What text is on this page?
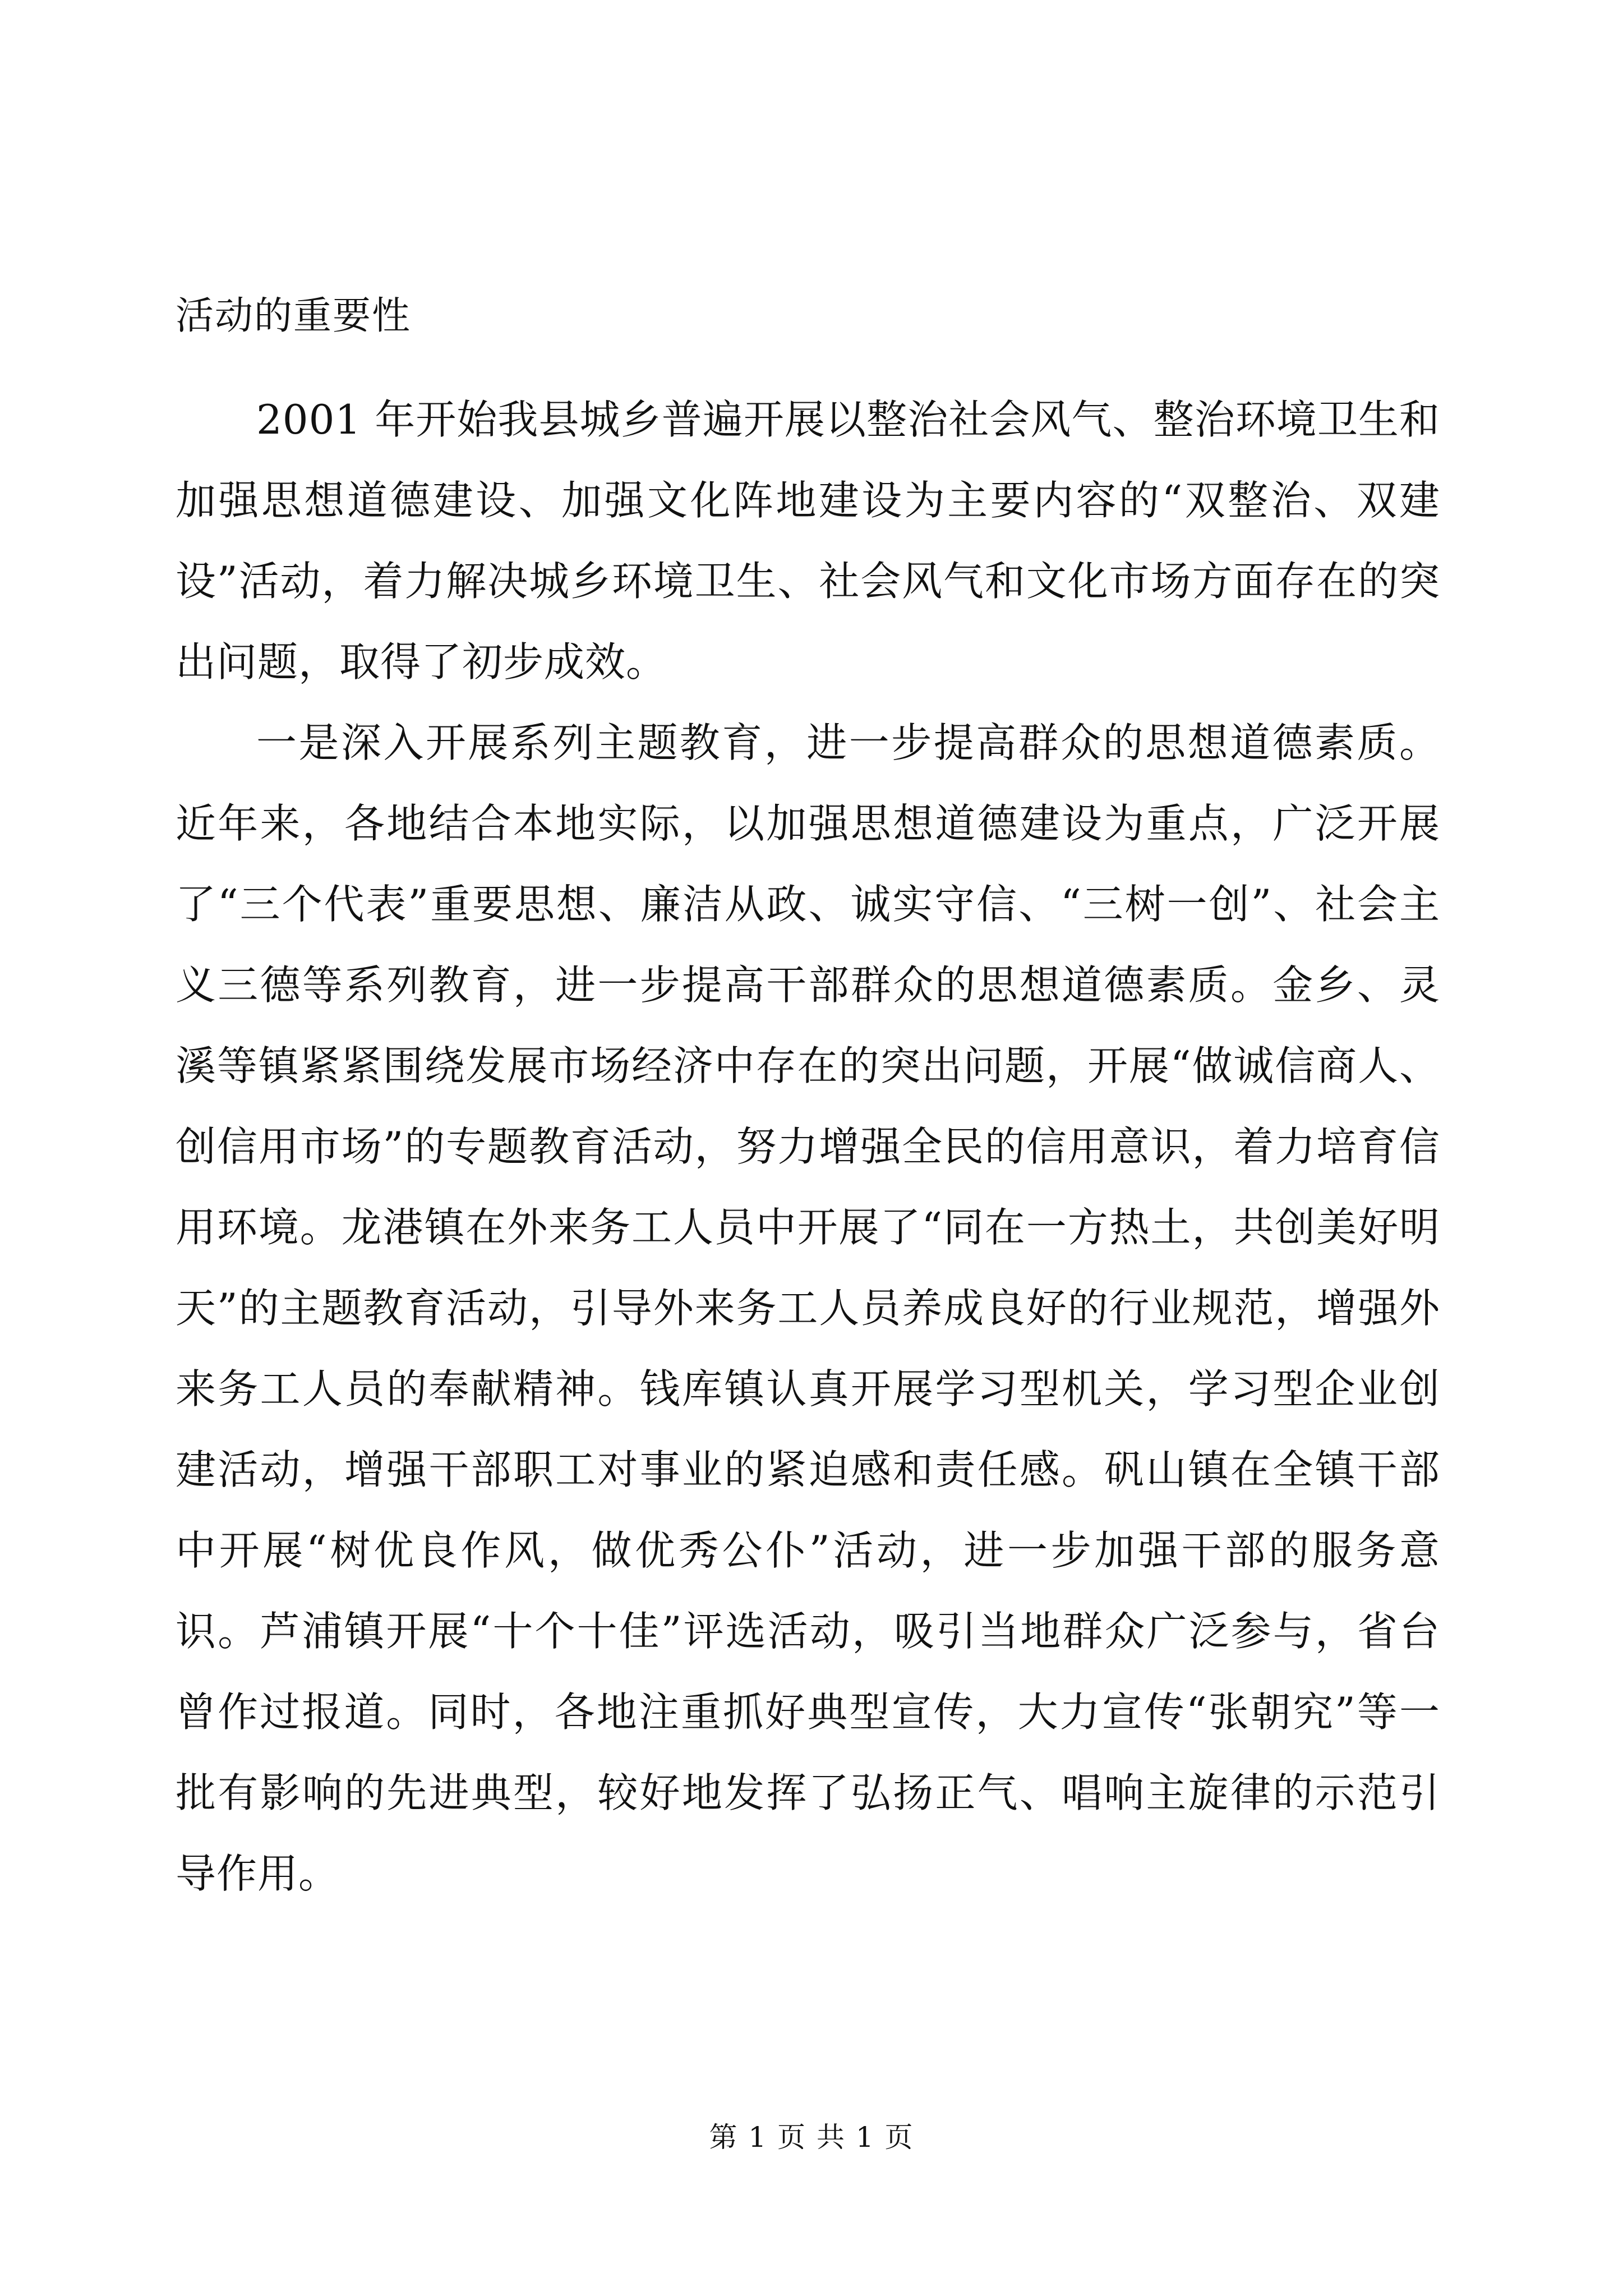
活动的重要性

2001 年开始我县城乡普遍开展以整治社会风气、整治环境卫生和加强思想道德建设、加强文化阵地建设为主要内容的“双整治、双建设”活动，着力解决城乡环境卫生、社会风气和文化市场方面存在的突出问题，取得了初步成效。

一是深入开展系列主题教育，进一步提高群众的思想道德素质。近年来，各地结合本地实际，以加强思想道德建设为重点，广泛开展了“三个代表”重要思想、廉洁从政、诚实守信、“三树一创”、社会主义三德等系列教育，进一步提高干部群众的思想道德素质。金乡、灵溪等镇紧紧围绕发展市场经济中存在的突出问题，开展“做诚信商人、创信用市场”的专题教育活动，努力增强全民的信用意识，着力培育信用环境。龙港镇在外来务工人员中开展了“同在一方热土，共创美好明天”的主题教育活动，引导外来务工人员养成良好的行业规范，增强外来务工人员的奉献精神。钱库镇认真开展学习型机关，学习型企业创建活动，增强干部职工对事业的紧迫感和责任感。矾山镇在全镇干部中开展“树优良作风，做优秀公仆”活动，进一步加强干部的服务意识。芦浦镇开展“十个十佳”评选活动，吸引当地群众广泛参与，省台曾作过报道。同时，各地注重抓好典型宣传，大力宣传“张朝究”等一批有影响的先进典型，较好地发挥了弘扬正气、唱响主旋律的示范引导作用。

第 1 页 共 1 页
